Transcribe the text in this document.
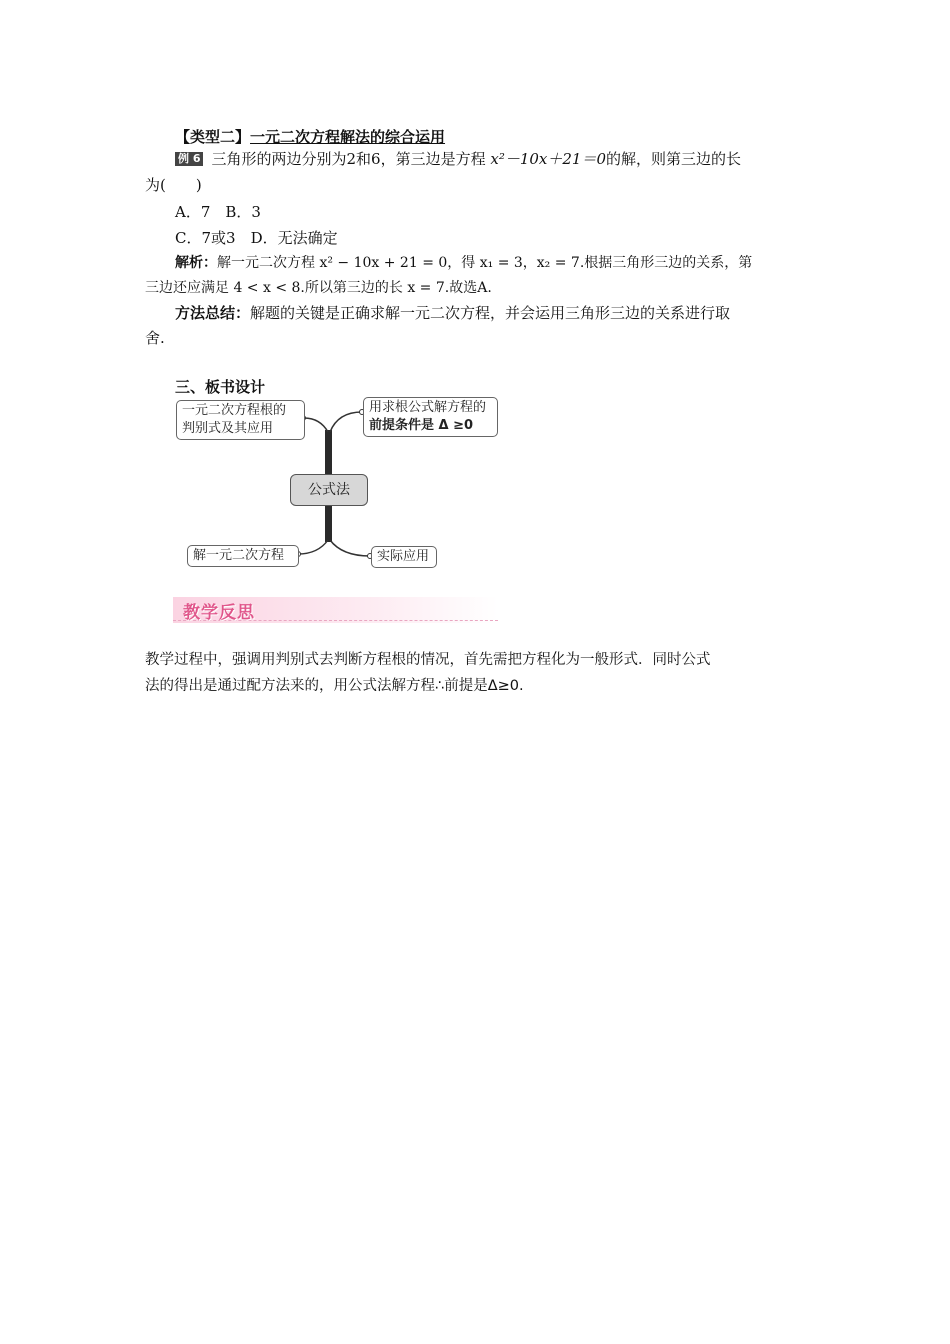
【类型二】一元二次方程解法的综合运用
例 6 三角形的两边分别为2和6，第三边是方程 x²－10x＋21＝0的解，则第三边的长
为(　　)
A．7　B．3
C．7或3　D．无法确定
解析：解一元二次方程 x² − 10x + 21 = 0，得 x₁ = 3，x₂ = 7.根据三角形三边的关系，第
三边还应满足 4 < x < 8.所以第三边的长 x = 7.故选A.
方法总结：解题的关键是正确求解一元二次方程，并会运用三角形三边的关系进行取
舍.
三、板书设计
公式法
一元二次方程根的
判别式及其应用
用求根公式解方程的
前提条件是 Δ ≥0
解一元二次方程	实际应用
教学反思
教学过程中，强调用判别式去判断方程根的情况，首先需把方程化为一般形式．同时公式
法的得出是通过配方法来的，用公式法解方程∴前提是Δ≥0.
